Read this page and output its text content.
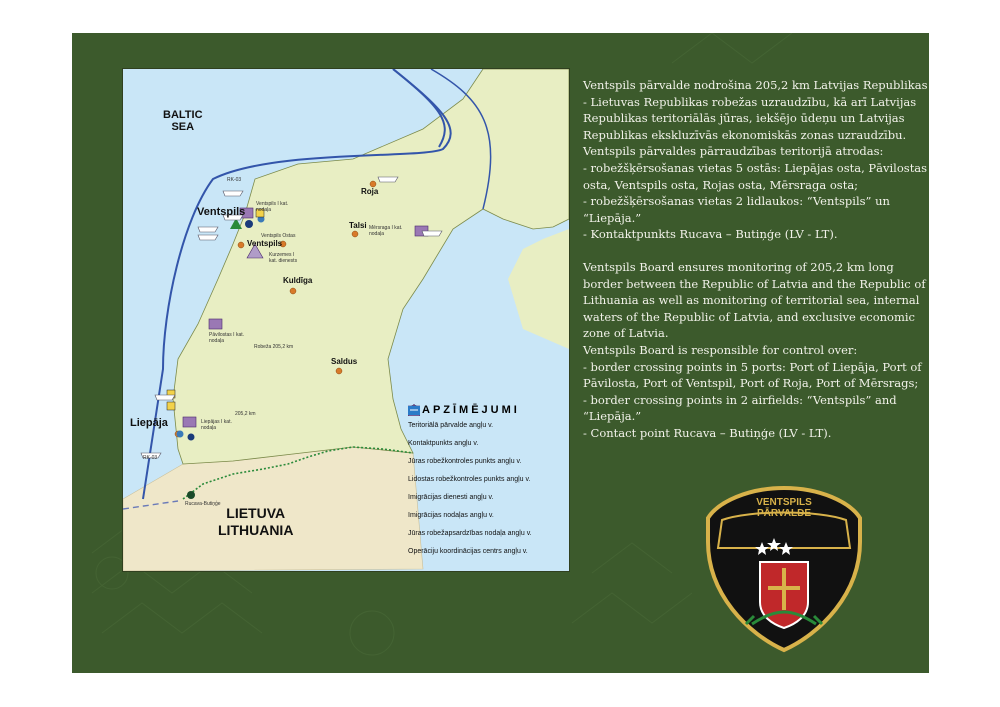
BALTIC
SEA
LIETUVA
LITHUANIA
Ventspils
Liepāja
Ventspils
Roja
Talsi
Kuldīga
Saldus
Ventspils I kat. nodaļa
Ventspils Ostas
Kurzemes I kat. dienests
Pāvilostas I kat. nodaļa
Mērsraga I kat. nodaļa
Liepājas I kat. nodaļa
Rucava-Butiņģe
Robeža 205,2 km
205,2 km
RK-03
RK-03
APZĪMĒJUMI
Teritoriālā pārvalde angļu v.
Kontaktpunkts angļu v.
Jūras robežkontroles punkts angļu v.
Lidostas robežkontroles punkts angļu v.
Imigrācijas dienesti angļu v.
Imigrācijas nodaļas angļu v.
Jūras robežapsardzības nodaļa angļu v.
Operāciju koordinācijas centrs angļu v.

Ventspils pārvalde nodrošina 205,2 km Latvijas Republikas - Lietuvas Republikas robežas uzraudzību, kā arī Latvijas Republikas teritoriālās jūras, iekšējo ūdeņu un Latvijas Republikas ekskluzīvās ekonomiskās zonas uzraudzību.

Ventspils pārvaldes pārraudzības teritorijā atrodas:

- robežšķērsošanas vietas 5 ostās: Liepājas osta, Pāvilostas osta, Ventspils osta, Rojas osta, Mērsraga osta;

- robežšķērsošanas vietas 2 lidlaukos: “Ventspils” un “Liepāja.”

- Kontaktpunkts Rucava – Butiņģe (LV - LT).

Ventspils Board ensures monitoring of 205,2 km long border between the Republic of Latvia and the Republic of Lithuania as well as monitoring of territorial sea, internal waters of the Republic of Latvia, and exclusive economic zone of Latvia.

Ventspils Board is responsible for control over:

- border crossing points in 5 ports: Port of Liepāja, Port of Pāvilosta, Port of Ventspil, Port of Roja, Port of Mērsrags;

- border crossing points in 2 airfields: “Ventspils” and “Liepāja.”

- Contact point Rucava – Butiņģe (LV - LT).

VENTSPILS
PĀRVALDE
